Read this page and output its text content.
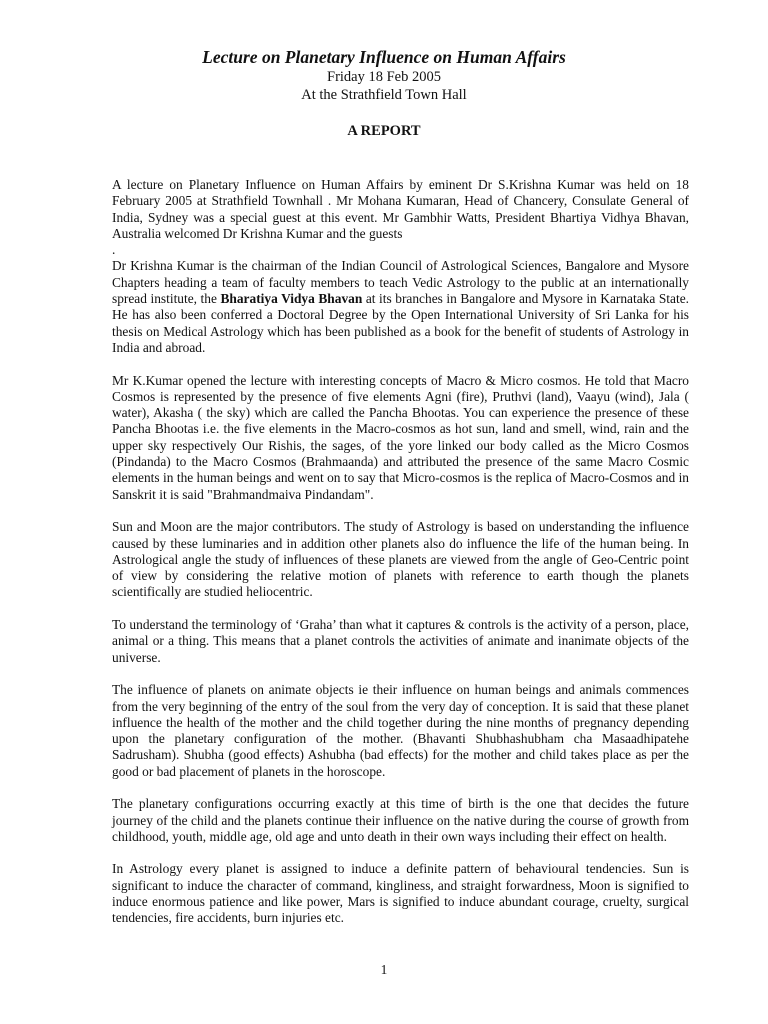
Lecture on Planetary Influence on Human Affairs
Friday 18 Feb 2005
At the Strathfield Town Hall
A REPORT

A lecture on Planetary Influence on Human Affairs by eminent Dr S.Krishna Kumar was held on 18 February 2005 at Strathfield Townhall . Mr Mohana Kumaran, Head of Chancery, Consulate General of India, Sydney was a special guest at this event. Mr Gambhir Watts, President Bhartiya Vidhya Bhavan, Australia welcomed Dr Krishna Kumar and the guests

.

Dr Krishna Kumar is the chairman of the Indian Council of Astrological Sciences, Bangalore and Mysore Chapters heading a team of faculty members to teach Vedic Astrology to the public at an internationally spread institute, the Bharatiya Vidya Bhavan at its branches in Bangalore and Mysore in Karnataka State. He has also been conferred a Doctoral Degree by the Open International University of Sri Lanka for his thesis on Medical Astrology which has been published as a book for the benefit of students of Astrology in India and abroad.

Mr K.Kumar opened the lecture with interesting concepts of Macro & Micro cosmos. He told that Macro Cosmos is represented by the presence of five elements Agni (fire), Pruthvi (land), Vaayu (wind), Jala ( water), Akasha ( the sky) which are called the Pancha Bhootas. You can experience the presence of these Pancha Bhootas i.e. the five elements in the Macro-cosmos as hot sun, land and smell, wind, rain and the upper sky respectively Our Rishis, the sages, of the yore linked our body called as the Micro Cosmos (Pindanda) to the Macro Cosmos (Brahmaanda) and attributed the presence of the same Macro Cosmic elements in the human beings and went on to say that Micro-cosmos is the replica of Macro-Cosmos and in Sanskrit it is said "Brahmandmaiva Pindandam".

Sun and Moon are the major contributors. The study of Astrology is based on understanding the influence caused by these luminaries and in addition other planets also do influence the life of the human being. In Astrological angle the study of influences of these planets are viewed from the angle of Geo-Centric point of view by considering the relative motion of planets with reference to earth though the planets scientifically are studied heliocentric.

To understand the terminology of ‘Graha’ than what it captures & controls is the activity of a person, place, animal or a thing. This means that a planet controls the activities of animate and inanimate objects of the universe.

The influence of planets on animate objects ie their influence on human beings and animals commences from the very beginning of the entry of the soul from the very day of conception. It is said that these planet influence the health of the mother and the child together during the nine months of pregnancy depending upon the planetary configuration of the mother. (Bhavanti Shubhashubham cha Masaadhipatehe Sadrusham). Shubha (good effects) Ashubha (bad effects) for the mother and child takes place as per the good or bad placement of planets in the horoscope.

The planetary configurations occurring exactly at this time of birth is the one that decides the future journey of the child and the planets continue their influence on the native during the course of growth from childhood, youth, middle age, old age and unto death in their own ways including their effect on health.

In Astrology every planet is assigned to induce a definite pattern of behavioural tendencies. Sun is significant to induce the character of command, kingliness, and straight forwardness, Moon is signified to induce enormous patience and like power, Mars is signified to induce abundant courage, cruelty, surgical tendencies, fire accidents, burn injuries etc.

1
